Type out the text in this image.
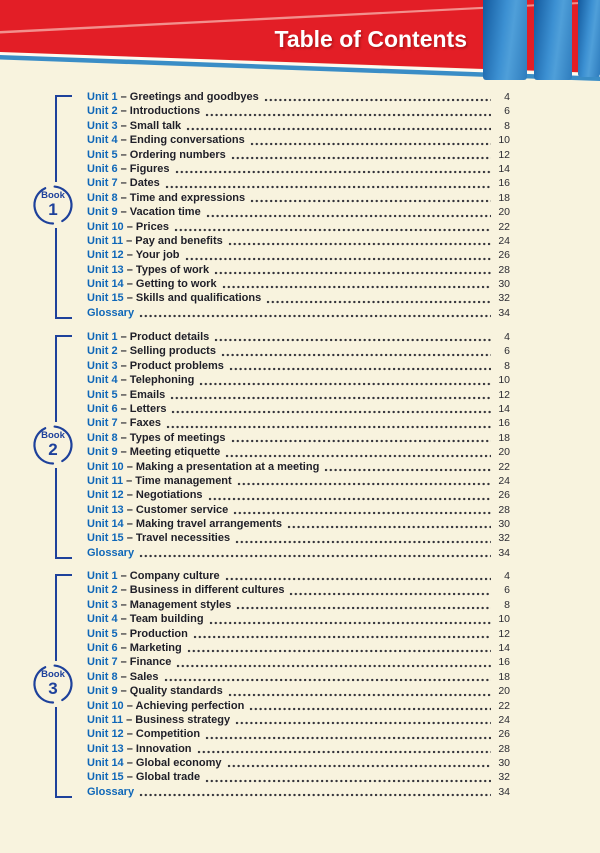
Table of Contents
Unit 1 – Greetings and goodbyes	4
Unit 2 – Introductions	6
Unit 3 – Small talk	8
Unit 4 – Ending conversations	10
Unit 5 – Ordering numbers	12
Unit 6 – Figures	14
Unit 7 – Dates	16
Unit 8 – Time and expressions	18
Unit 9 – Vacation time	20
Unit 10 – Prices	22
Unit 11 – Pay and benefits	24
Unit 12 – Your job	26
Unit 13 – Types of work	28
Unit 14 – Getting to work	30
Unit 15 – Skills and qualifications	32
Glossary	34
Unit 1 – Product details	4
Unit 2 – Selling products	6
Unit 3 – Product problems	8
Unit 4 – Telephoning	10
Unit 5 – Emails	12
Unit 6 – Letters	14
Unit 7 – Faxes	16
Unit 8 – Types of meetings	18
Unit 9 – Meeting etiquette	20
Unit 10 – Making a presentation at a meeting	22
Unit 11 – Time management	24
Unit 12 – Negotiations	26
Unit 13 – Customer service	28
Unit 14 – Making travel arrangements	30
Unit 15 – Travel necessities	32
Glossary	34
Unit 1 – Company culture	4
Unit 2 – Business in different cultures	6
Unit 3 – Management styles	8
Unit 4 – Team building	10
Unit 5 – Production	12
Unit 6 – Marketing	14
Unit 7 – Finance	16
Unit 8 – Sales	18
Unit 9 – Quality standards	20
Unit 10 – Achieving perfection	22
Unit 11 – Business strategy	24
Unit 12 – Competition	26
Unit 13 – Innovation	28
Unit 14 – Global economy	30
Unit 15 – Global trade	32
Glossary	34
Book
1
Book
2
Book
3
